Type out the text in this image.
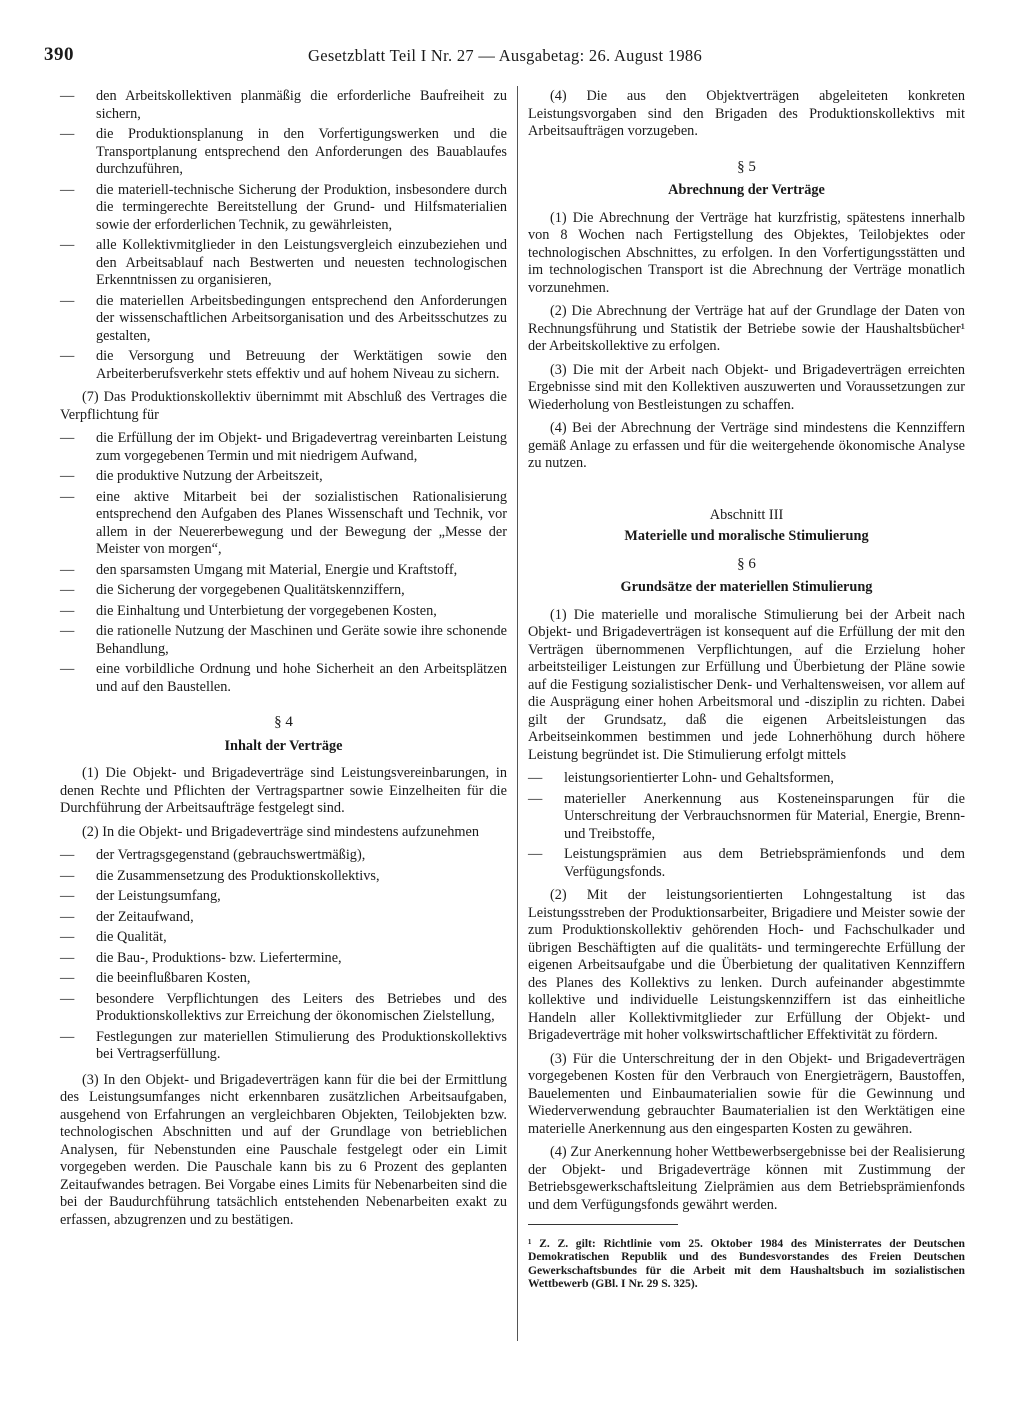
390	Gesetzblatt Teil I Nr. 27 — Ausgabetag: 26. August 1986
— den Arbeitskollektiven planmäßig die erforderliche Baufreiheit zu sichern,
— die Produktionsplanung in den Vorfertigungswerken und die Transportplanung entsprechend den Anforderungen des Bauablaufes durchzuführen,
— die materiell-technische Sicherung der Produktion, insbesondere durch die termingerechte Bereitstellung der Grund- und Hilfsmaterialien sowie der erforderlichen Technik, zu gewährleisten,
— alle Kollektivmitglieder in den Leistungsvergleich einzubeziehen und den Arbeitsablauf nach Bestwerten und neuesten technologischen Erkenntnissen zu organisieren,
— die materiellen Arbeitsbedingungen entsprechend den Anforderungen der wissenschaftlichen Arbeitsorganisation und des Arbeitsschutzes zu gestalten,
— die Versorgung und Betreuung der Werktätigen sowie den Arbeiterberufsverkehr stets effektiv und auf hohem Niveau zu sichern.

(7) Das Produktionskollektiv übernimmt mit Abschluß des Vertrages die Verpflichtung für

— die Erfüllung der im Objekt- und Brigadevertrag vereinbarten Leistung zum vorgegebenen Termin und mit niedrigem Aufwand,
— die produktive Nutzung der Arbeitszeit,
— eine aktive Mitarbeit bei der sozialistischen Rationalisierung entsprechend den Aufgaben des Planes Wissenschaft und Technik, vor allem in der Neuererbewegung und der Bewegung der „Messe der Meister von morgen“,
— den sparsamsten Umgang mit Material, Energie und Kraftstoff,
— die Sicherung der vorgegebenen Qualitätskennziffern,
— die Einhaltung und Unterbietung der vorgegebenen Kosten,
— die rationelle Nutzung der Maschinen und Geräte sowie ihre schonende Behandlung,
— eine vorbildliche Ordnung und hohe Sicherheit an den Arbeitsplätzen und auf den Baustellen.

§ 4

Inhalt der Verträge

(1) Die Objekt- und Brigadeverträge sind Leistungsvereinbarungen, in denen Rechte und Pflichten der Vertragspartner sowie Einzelheiten für die Durchführung der Arbeitsaufträge festgelegt sind.

(2) In die Objekt- und Brigadeverträge sind mindestens aufzunehmen

— der Vertragsgegenstand (gebrauchswertmäßig),
— die Zusammensetzung des Produktionskollektivs,
— der Leistungsumfang,
— der Zeitaufwand,
— die Qualität,
— die Bau-, Produktions- bzw. Liefertermine,
— die beeinflußbaren Kosten,
— besondere Verpflichtungen des Leiters des Betriebes und des Produktionskollektivs zur Erreichung der ökonomischen Zielstellung,
— Festlegungen zur materiellen Stimulierung des Produktionskollektivs bei Vertragserfüllung.

(3) In den Objekt- und Brigadeverträgen kann für die bei der Ermittlung des Leistungsumfanges nicht erkennbaren zusätzlichen Arbeitsaufgaben, ausgehend von Erfahrungen an vergleichbaren Objekten, Teilobjekten bzw. technologischen Abschnitten und auf der Grundlage von betrieblichen Analysen, für Nebenstunden eine Pauschale festgelegt oder ein Limit vorgegeben werden. Die Pauschale kann bis zu 6 Prozent des geplanten Zeitaufwandes betragen. Bei Vorgabe eines Limits für Nebenarbeiten sind die bei der Baudurchführung tatsächlich entstehenden Nebenarbeiten exakt zu erfassen, abzugrenzen und zu bestätigen.

(4) Die aus den Objektverträgen abgeleiteten konkreten Leistungsvorgaben sind den Brigaden des Produktionskollektivs mit Arbeitsaufträgen vorzugeben.

§ 5

Abrechnung der Verträge

(1) Die Abrechnung der Verträge hat kurzfristig, spätestens innerhalb von 8 Wochen nach Fertigstellung des Objektes, Teilobjektes oder technologischen Abschnittes, zu erfolgen. In den Vorfertigungsstätten und im technologischen Transport ist die Abrechnung der Verträge monatlich vorzunehmen.

(2) Die Abrechnung der Verträge hat auf der Grundlage der Daten von Rechnungsführung und Statistik der Betriebe sowie der Haushaltsbücher¹ der Arbeitskollektive zu erfolgen.

(3) Die mit der Arbeit nach Objekt- und Brigadeverträgen erreichten Ergebnisse sind mit den Kollektiven auszuwerten und Voraussetzungen zur Wiederholung von Bestleistungen zu schaffen.

(4) Bei der Abrechnung der Verträge sind mindestens die Kennziffern gemäß Anlage zu erfassen und für die weitergehende ökonomische Analyse zu nutzen.

Abschnitt III

Materielle und moralische Stimulierung

§ 6

Grundsätze der materiellen Stimulierung

(1) Die materielle und moralische Stimulierung bei der Arbeit nach Objekt- und Brigadeverträgen ist konsequent auf die Erfüllung der mit den Verträgen übernommenen Verpflichtungen, auf die Erzielung hoher arbeitsteiliger Leistungen zur Erfüllung und Überbietung der Pläne sowie auf die Festigung sozialistischer Denk- und Verhaltensweisen, vor allem auf die Ausprägung einer hohen Arbeitsmoral und -disziplin zu richten. Dabei gilt der Grundsatz, daß die eigenen Arbeitsleistungen das Arbeitseinkommen bestimmen und jede Lohnerhöhung durch höhere Leistung begründet ist. Die Stimulierung erfolgt mittels

— leistungsorientierter Lohn- und Gehaltsformen,
— materieller Anerkennung aus Kosteneinsparungen für die Unterschreitung der Verbrauchsnormen für Material, Energie, Brenn- und Treibstoffe,
— Leistungsprämien aus dem Betriebsprämienfonds und dem Verfügungsfonds.

(2) Mit der leistungsorientierten Lohngestaltung ist das Leistungsstreben der Produktionsarbeiter, Brigadiere und Meister sowie der zum Produktionskollektiv gehörenden Hoch- und Fachschulkader und übrigen Beschäftigten auf die qualitäts- und termingerechte Erfüllung der eigenen Arbeitsaufgabe und die Überbietung der qualitativen Kennziffern des Planes des Kollektivs zu lenken. Durch aufeinander abgestimmte kollektive und individuelle Leistungskennziffern ist das einheitliche Handeln aller Kollektivmitglieder zur Erfüllung der Objekt- und Brigadeverträge mit hoher volkswirtschaftlicher Effektivität zu fördern.

(3) Für die Unterschreitung der in den Objekt- und Brigadeverträgen vorgegebenen Kosten für den Verbrauch von Energieträgern, Baustoffen, Bauelementen und Einbaumaterialien sowie für die Gewinnung und Wiederverwendung gebrauchter Baumaterialien ist den Werktätigen eine materielle Anerkennung aus den eingesparten Kosten zu gewähren.

(4) Zur Anerkennung hoher Wettbewerbsergebnisse bei der Realisierung der Objekt- und Brigadeverträge können mit Zustimmung der Betriebsgewerkschaftsleitung Zielprämien aus dem Betriebsprämienfonds und dem Verfügungsfonds gewährt werden.

¹ Z. Z. gilt: Richtlinie vom 25. Oktober 1984 des Ministerrates der Deutschen Demokratischen Republik und des Bundesvorstandes des Freien Deutschen Gewerkschaftsbundes für die Arbeit mit dem Haushaltsbuch im sozialistischen Wettbewerb (GBl. I Nr. 29 S. 325).
